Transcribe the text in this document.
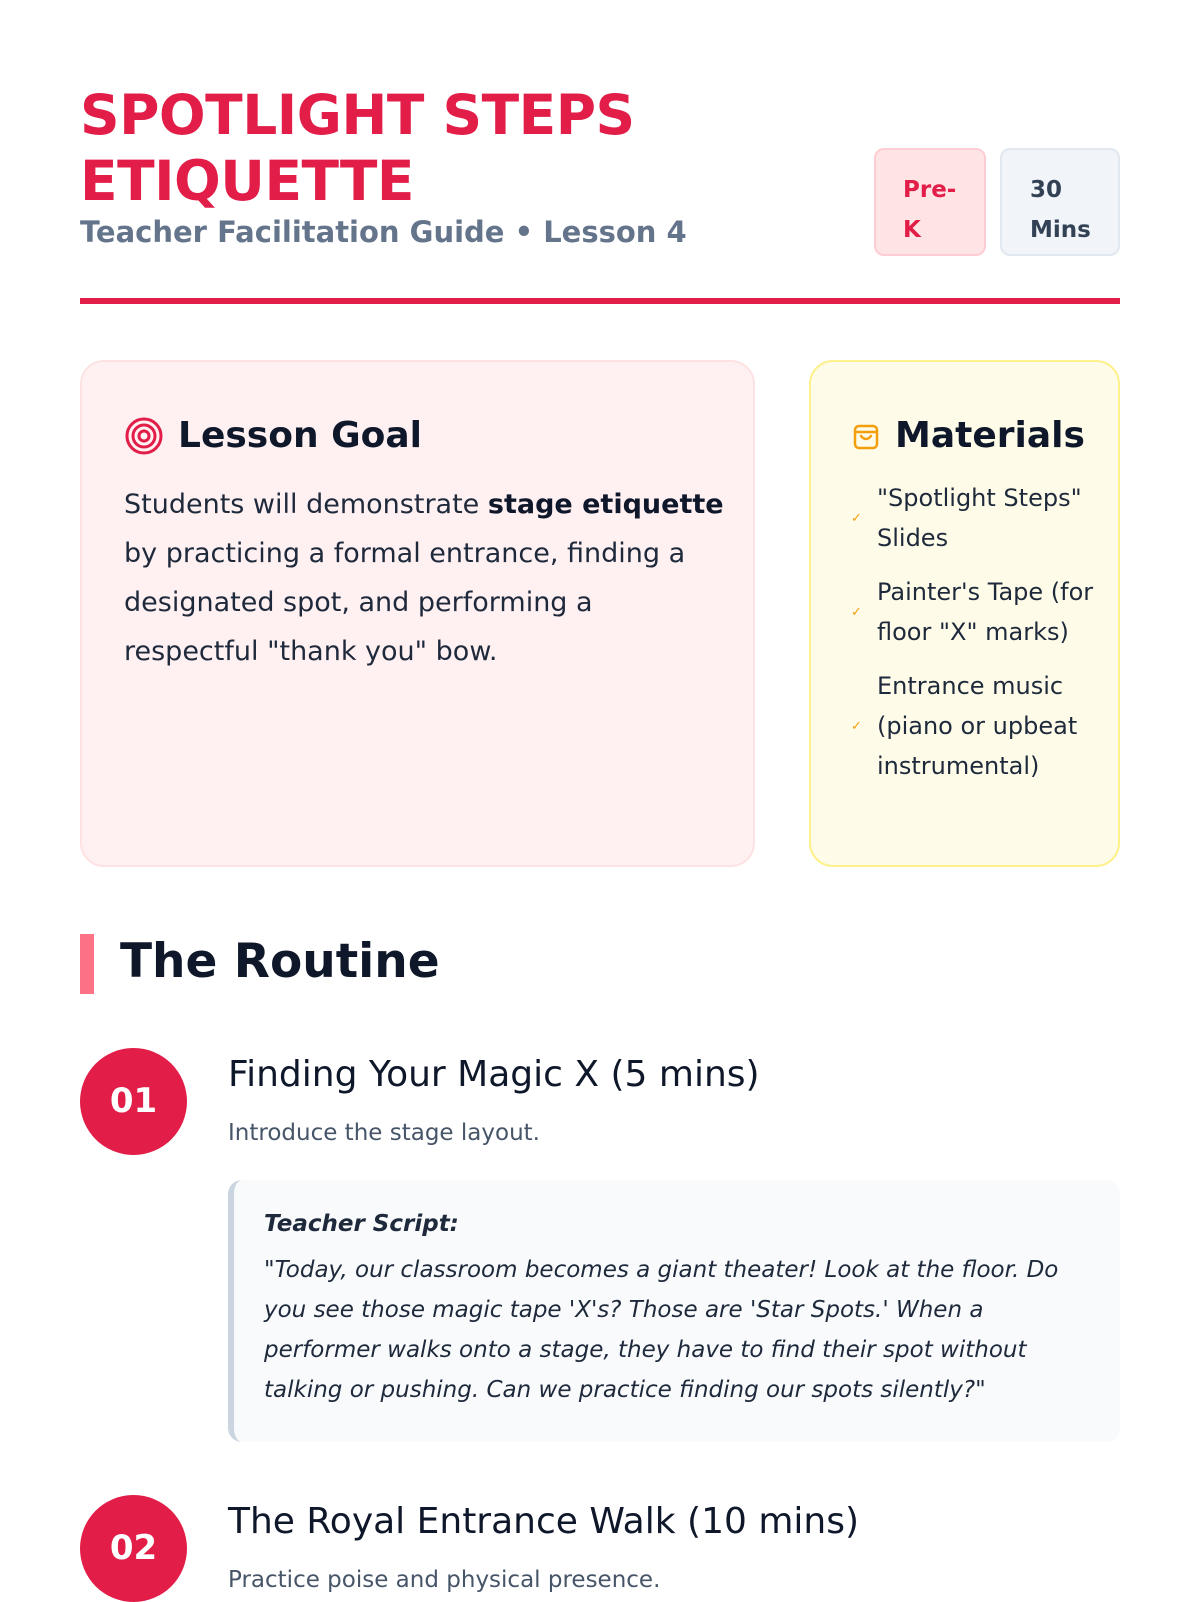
SPOTLIGHT STEPS ETIQUETTE
Teacher Facilitation Guide • Lesson 4
Pre-K
30 Mins
Lesson Goal
Students will demonstrate stage etiquette by practicing a formal entrance, finding a designated spot, and performing a respectful "thank you" bow.
Materials
✓
"Spotlight Steps" Slides
✓
Painter's Tape (for floor "X" marks)
✓
Entrance music (piano or upbeat instrumental)
The Routine
01
Finding Your Magic X (5 mins)
Introduce the stage layout.
Teacher Script:
"Today, our classroom becomes a giant theater! Look at the floor. Do you see those magic tape 'X's? Those are 'Star Spots.' When a performer walks onto a stage, they have to find their spot without talking or pushing. Can we practice finding our spots silently?"
02
The Royal Entrance Walk (10 mins)
Practice poise and physical presence.
